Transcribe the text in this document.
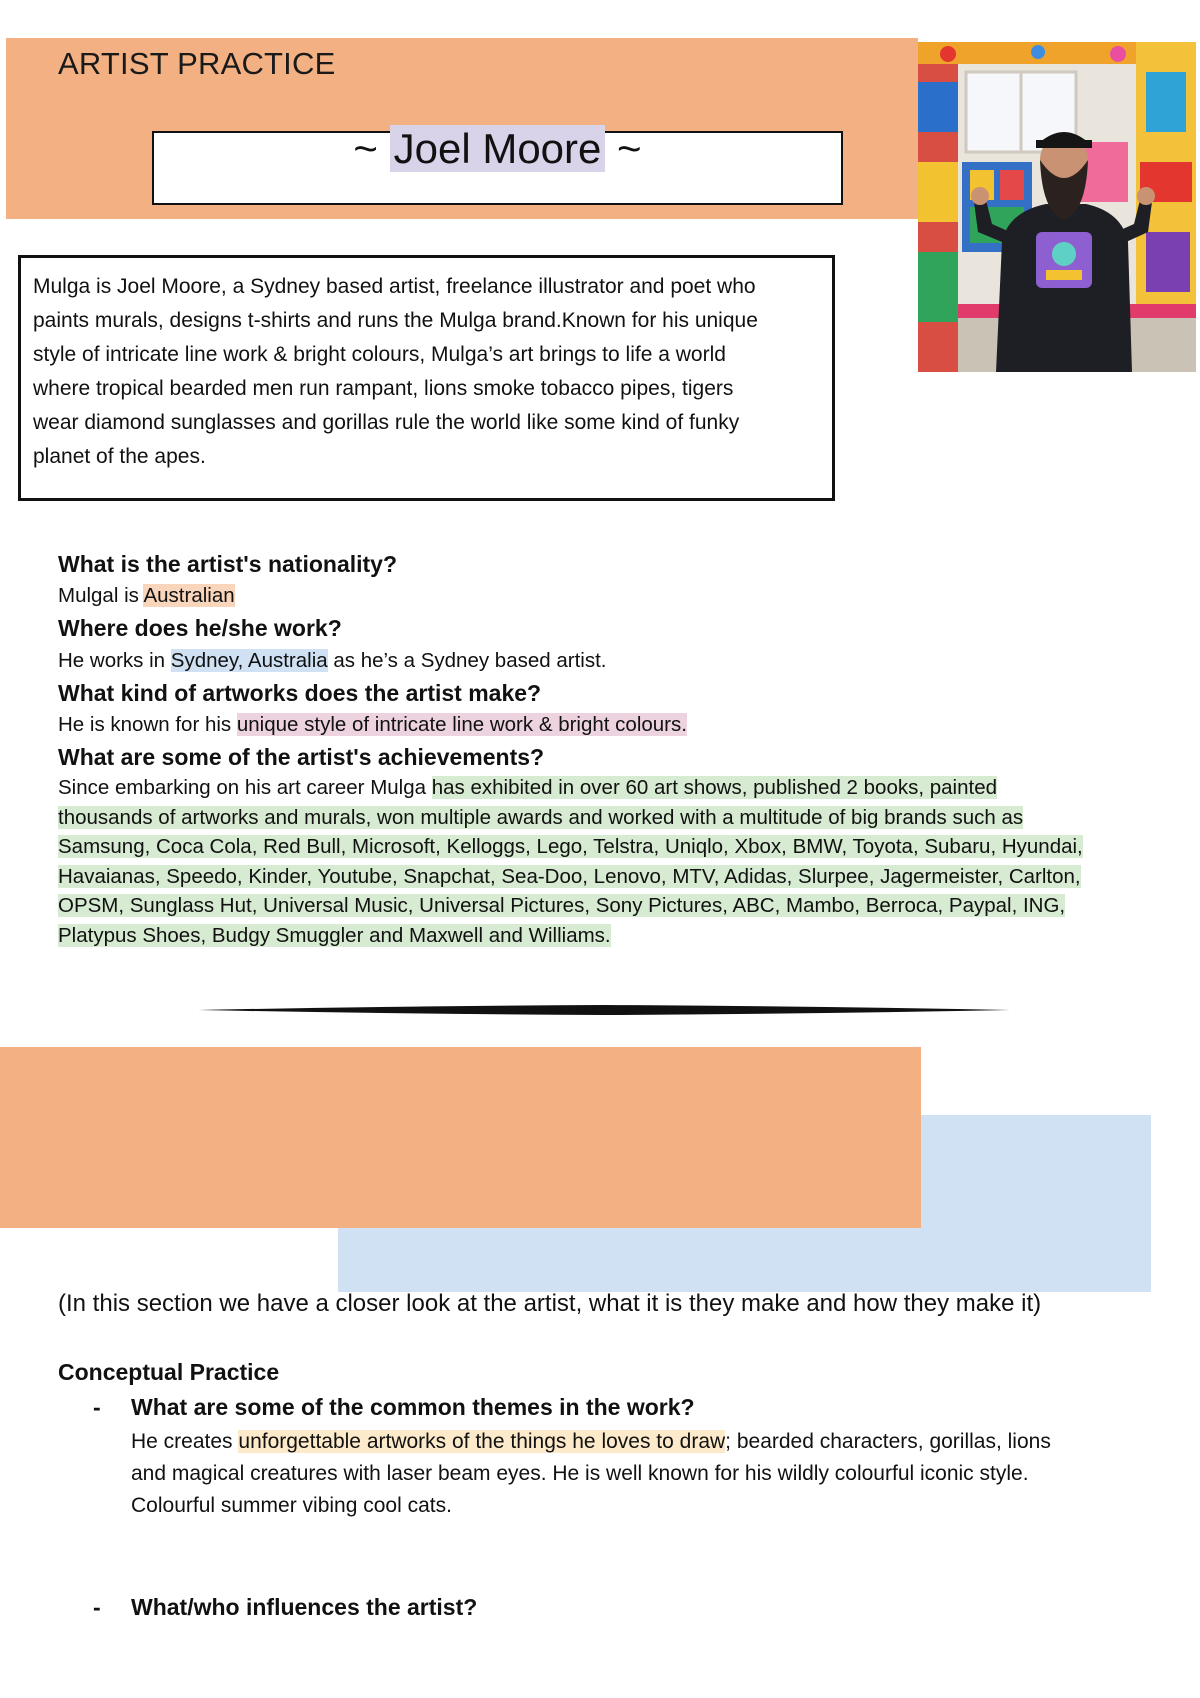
ARTIST PRACTICE
~ Joel Moore ~
Mulga is Joel Moore, a Sydney based artist, freelance illustrator and poet who
paints murals, designs t-shirts and runs the Mulga brand.Known for his unique
style of intricate line work & bright colours, Mulga’s art brings to life a world
where tropical bearded men run rampant, lions smoke tobacco pipes, tigers
wear diamond sunglasses and gorillas rule the world like some kind of funky
planet of the apes.
What is the artist's nationality?
Mulgal is Australian
Where does he/she work?
He works in Sydney, Australia as he’s a Sydney based artist.
What kind of artworks does the artist make?
He is known for his unique style of intricate line work & bright colours.
What are some of the artist's achievements?
Since embarking on his art career Mulga has exhibited in over 60 art shows, published 2 books, painted
thousands of artworks and murals, won multiple awards and worked with a multitude of big brands such as
Samsung, Coca Cola, Red Bull, Microsoft, Kelloggs, Lego, Telstra, Uniqlo, Xbox, BMW, Toyota, Subaru, Hyundai,
Havaianas, Speedo, Kinder, Youtube, Snapchat, Sea-Doo, Lenovo, MTV, Adidas, Slurpee, Jagermeister, Carlton,
OPSM, Sunglass Hut, Universal Music, Universal Pictures, Sony Pictures, ABC, Mambo, Berroca, Paypal, ING,
Platypus Shoes, Budgy Smuggler and Maxwell and Williams.
(In this section we have a closer look at the artist, what it is they make and how they make it)
Conceptual Practice
- What are some of the common themes in the work?
He creates unforgettable artworks of the things he loves to draw; bearded characters, gorillas, lions
and magical creatures with laser beam eyes. He is well known for his wildly colourful iconic style.
Colourful summer vibing cool cats.
- What/who influences the artist?
